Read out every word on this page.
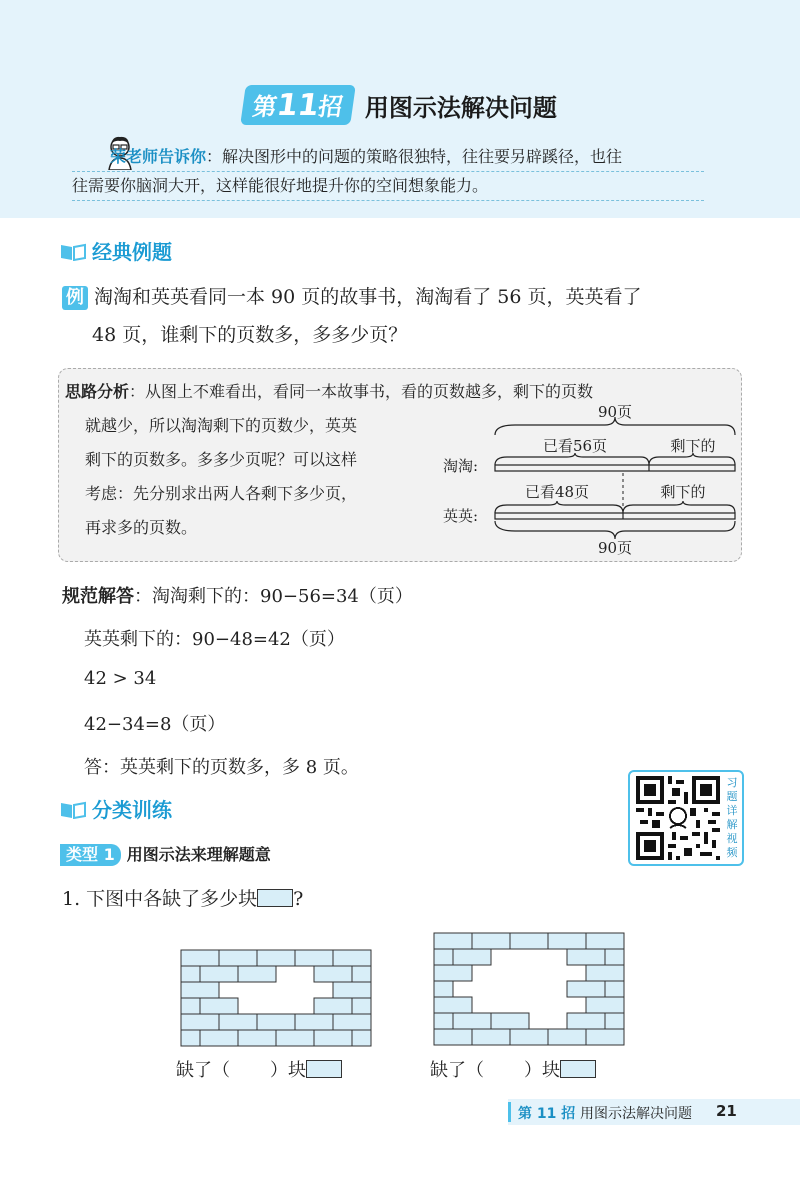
第11招 用图示法解决问题
荣老师告诉你：解决图形中的问题的策略很独特，往往要另辟蹊径，也往
往需要你脑洞大开，这样能很好地提升你的空间想象能力。
经典例题
例 淘淘和英英看同一本 90 页的故事书，淘淘看了 56 页，英英看了
48 页，谁剩下的页数多，多多少页？
思路分析：从图上不难看出，看同一本故事书，看的页数越多，剩下的页数
就越少，所以淘淘剩下的页数少，英英
剩下的页数多。多多少页呢？可以这样
考虑：先分别求出两人各剩下多少页，
再求多的页数。
90页
淘淘:
已看56页	剩下的
英英:
已看48页	剩下的
90页
规范解答：淘淘剩下的：90−56=34（页）
英英剩下的：90−48=42（页）
42 > 34
42−34=8（页）
答：英英剩下的页数多，多 8 页。
习题详解视频
分类训练
类型 1 用图示法来理解题意
1. 下图中各缺了多少块 ?
缺了（ ）块	缺了（ ）块
第 11 招 用图示法解决问题 21
